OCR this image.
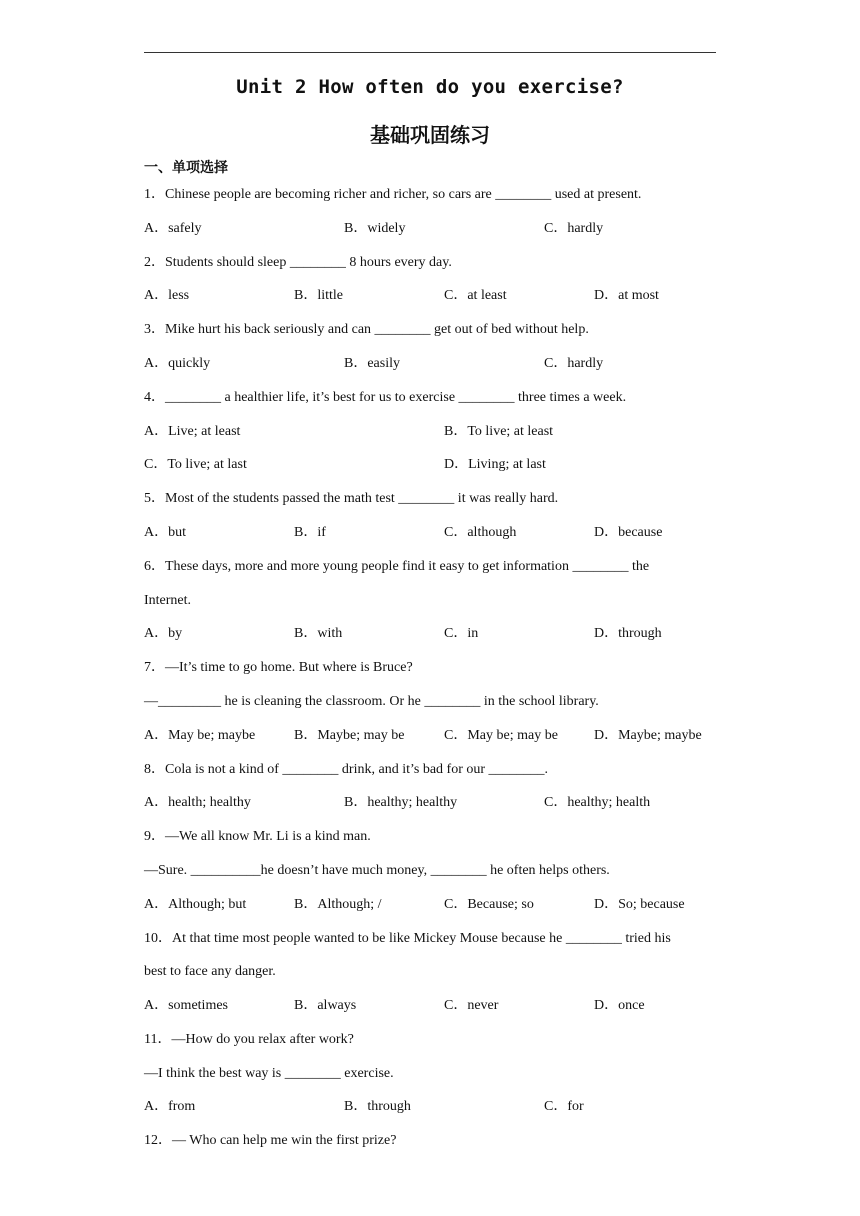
Unit 2 How often do you exercise?
基础巩固练习
一、单项选择
1．Chinese people are becoming richer and richer, so cars are ________ used at present.
A．safely	B．widely	C．hardly
2．Students should sleep ________ 8 hours every day.
A．less	B．little	C．at least	D．at most
3．Mike hurt his back seriously and can ________ get out of bed without help.
A．quickly	B．easily	C．hardly
4．________ a healthier life, it’s best for us to exercise ________ three times a week.
A．Live; at least	B．To live; at least
C．To live; at last	D．Living; at last
5．Most of the students passed the math test ________ it was really hard.
A．but	B．if	C．although	D．because
6．These days, more and more young people find it easy to get information ________ the
Internet.
A．by	B．with	C．in	D．through
7．—It’s time to go home. But where is Bruce?
—_________ he is cleaning the classroom. Or he ________ in the school library.
A．May be; maybe	B．Maybe; may be	C．May be; may be	D．Maybe; maybe
8．Cola is not a kind of ________ drink, and it’s bad for our ________.
A．health; healthy	B．healthy; healthy	C．healthy; health
9．—We all know Mr. Li is a kind man.
—Sure. __________he doesn’t have much money, ________ he often helps others.
A．Although; but	B．Although; /	C．Because; so	D．So; because
10．At that time most people wanted to be like Mickey Mouse because he ________ tried his
best to face any danger.
A．sometimes	B．always	C．never	D．once
11．—How do you relax after work?
—I think the best way is ________ exercise.
A．from	B．through	C．for
12．— Who can help me win the first prize?
